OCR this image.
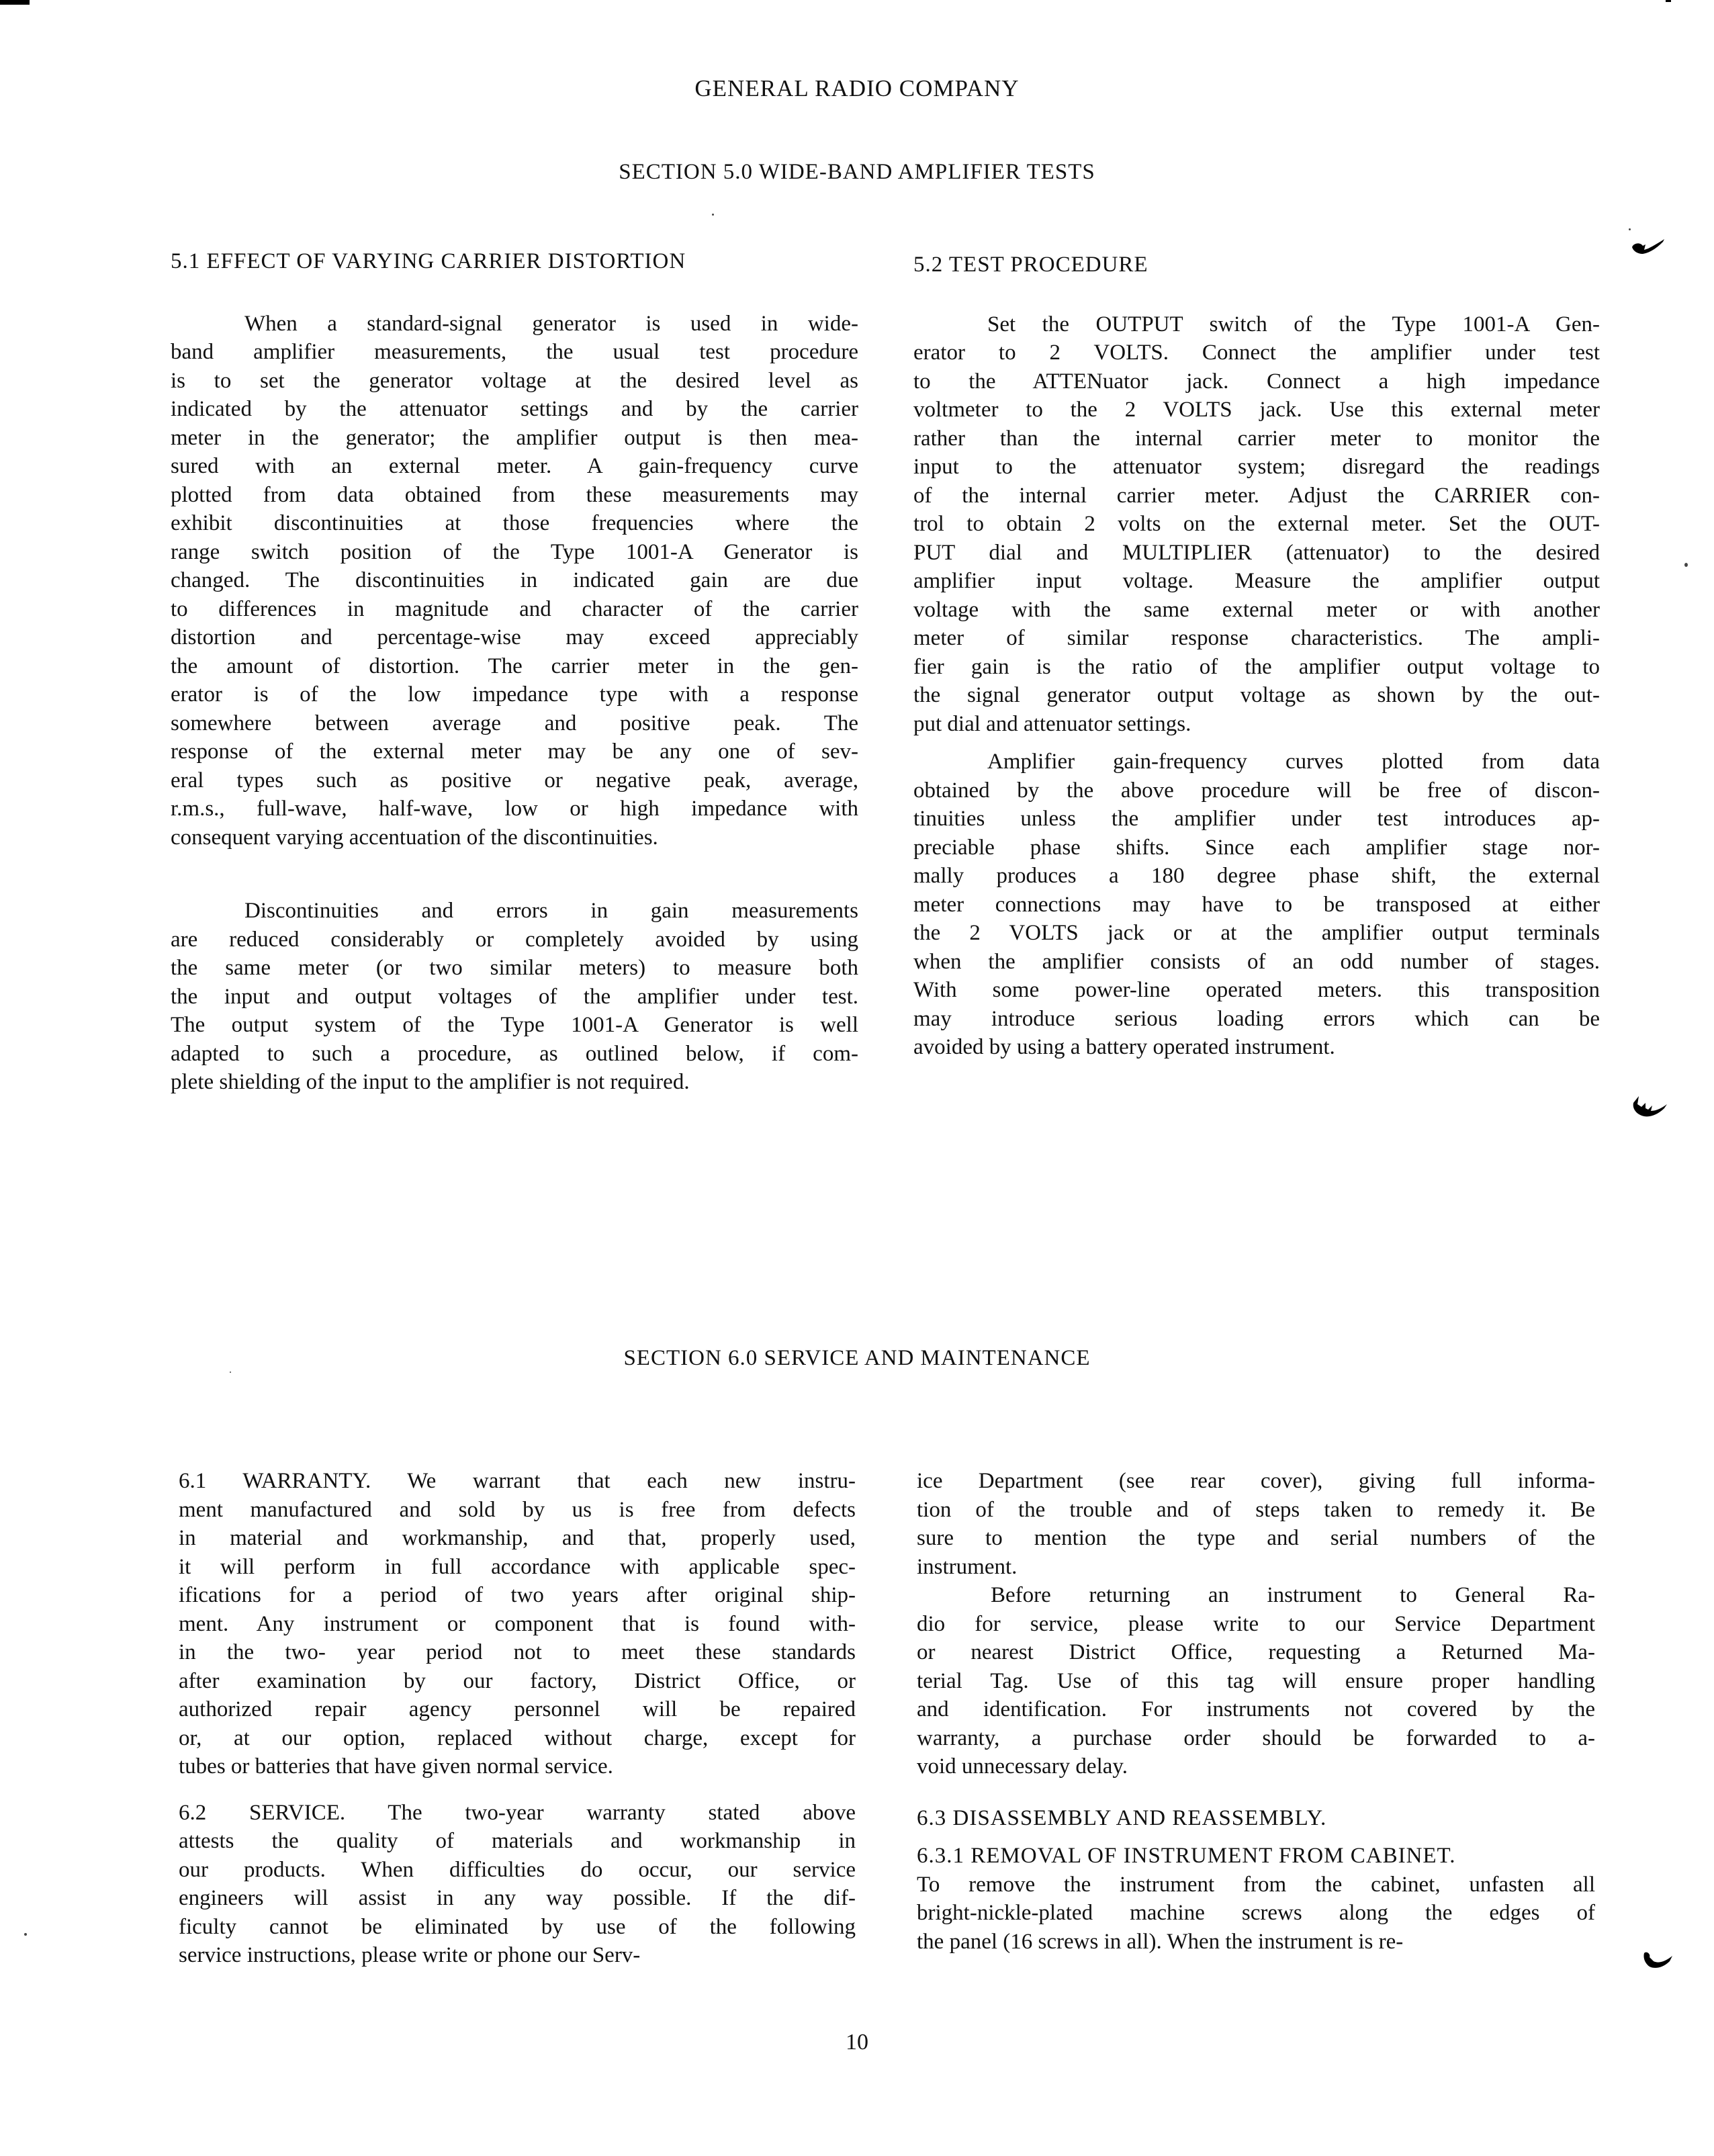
GENERAL RADIO COMPANY
SECTION 5.0 WIDE-BAND AMPLIFIER TESTS
5.1 EFFECT OF VARYING CARRIER DISTORTION
When a standard-signal generator is used in wide-
band amplifier measurements, the usual test procedure
is to set the generator voltage at the desired level as
indicated by the attenuator settings and by the carrier
meter in the generator; the amplifier output is then mea-
sured with an external meter. A gain-frequency curve
plotted from data obtained from these measurements may
exhibit discontinuities at those frequencies where the
range switch position of the Type 1001-A Generator is
changed. The discontinuities in indicated gain are due
to differences in magnitude and character of the carrier
distortion and percentage-wise may exceed appreciably
the amount of distortion. The carrier meter in the gen-
erator is of the low impedance type with a response
somewhere between average and positive peak. The
response of the external meter may be any one of sev-
eral types such as positive or negative peak, average,
r.m.s., full-wave, half-wave, low or high impedance with
consequent varying accentuation of the discontinuities.
Discontinuities and errors in gain measurements
are reduced considerably or completely avoided by using
the same meter (or two similar meters) to measure both
the input and output voltages of the amplifier under test.
The output system of the Type 1001-A Generator is well
adapted to such a procedure, as outlined below, if com-
plete shielding of the input to the amplifier is not required.
5.2 TEST PROCEDURE
Set the OUTPUT switch of the Type 1001-A Gen-
erator to 2 VOLTS. Connect the amplifier under test
to the ATTENuator jack. Connect a high impedance
voltmeter to the 2 VOLTS jack. Use this external meter
rather than the internal carrier meter to monitor the
input to the attenuator system; disregard the readings
of the internal carrier meter. Adjust the CARRIER con-
trol to obtain 2 volts on the external meter. Set the OUT-
PUT dial and MULTIPLIER (attenuator) to the desired
amplifier input voltage. Measure the amplifier output
voltage with the same external meter or with another
meter of similar response characteristics. The ampli-
fier gain is the ratio of the amplifier output voltage to
the signal generator output voltage as shown by the out-
put dial and attenuator settings.
Amplifier gain-frequency curves plotted from data
obtained by the above procedure will be free of discon-
tinuities unless the amplifier under test introduces ap-
preciable phase shifts. Since each amplifier stage nor-
mally produces a 180 degree phase shift, the external
meter connections may have to be transposed at either
the 2 VOLTS jack or at the amplifier output terminals
when the amplifier consists of an odd number of stages.
With some power-line operated meters. this transposition
may introduce serious loading errors which can be
avoided by using a battery operated instrument.
SECTION 6.0 SERVICE AND MAINTENANCE
6.1 WARRANTY. We warrant that each new instru-
ment manufactured and sold by us is free from defects
in material and workmanship, and that, properly used,
it will perform in full accordance with applicable spec-
ifications for a period of two years after original ship-
ment. Any instrument or component that is found with-
in the two- year period not to meet these standards
after examination by our factory, District Office, or
authorized repair agency personnel will be repaired
or, at our option, replaced without charge, except for
tubes or batteries that have given normal service.
6.2 SERVICE. The two-year warranty stated above
attests the quality of materials and workmanship in
our products. When difficulties do occur, our service
engineers will assist in any way possible. If the dif-
ficulty cannot be eliminated by use of the following
service instructions, please write or phone our Serv-
ice Department (see rear cover), giving full informa-
tion of the trouble and of steps taken to remedy it. Be
sure to mention the type and serial numbers of the
instrument.
Before returning an instrument to General Ra-
dio for service, please write to our Service Department
or nearest District Office, requesting a Returned Ma-
terial Tag. Use of this tag will ensure proper handling
and identification. For instruments not covered by the
warranty, a purchase order should be forwarded to a-
void unnecessary delay.
6.3 DISASSEMBLY AND REASSEMBLY.
6.3.1 REMOVAL OF INSTRUMENT FROM CABINET.
To remove the instrument from the cabinet, unfasten all
bright-nickle-plated machine screws along the edges of
the panel (16 screws in all). When the instrument is re-
10
